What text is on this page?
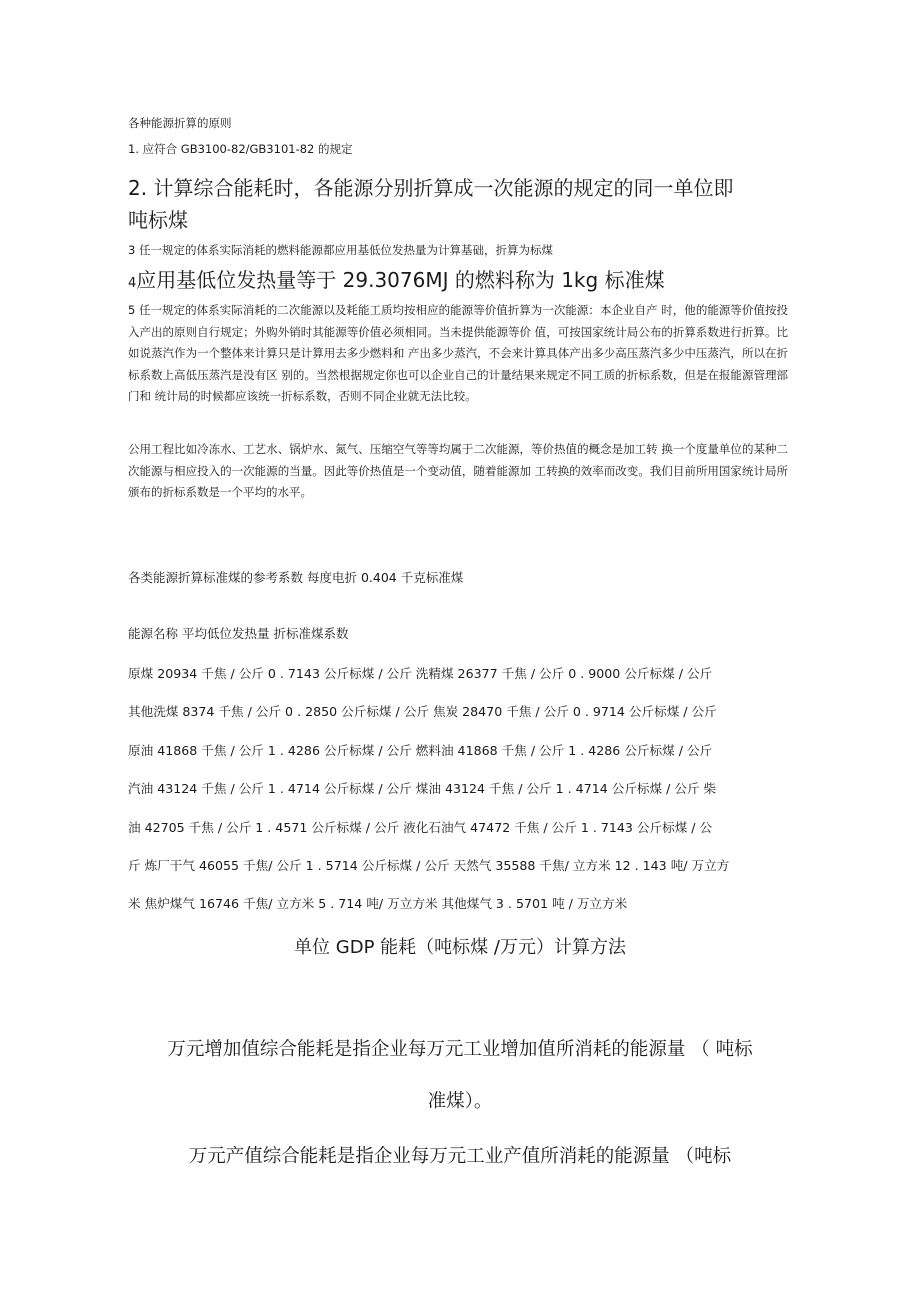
各种能源折算的原则

1. 应符合 GB3100-82/GB3101-82 的规定

2. 计算综合能耗时，各能源分别折算成一次能源的规定的同一单位即

吨标煤

3 任一规定的体系实际消耗的燃料能源都应用基低位发热量为计算基础，折算为标煤

4应用基低位发热量等于 29.3076MJ 的燃料称为 1kg 标准煤

5 任一规定的体系实际消耗的二次能源以及耗能工质均按相应的能源等价值折算为一次能源：本企业自产 时，他的能源等价值按投入产出的原则自行规定；外购外销时其能源等价值必须相同。当未提供能源等价 值，可按国家统计局公布的折算系数进行折算。比如说蒸汽作为一个整体来计算只是计算用去多少燃料和 产出多少蒸汽，不会来计算具体产出多少高压蒸汽多少中压蒸汽，所以在折标系数上高低压蒸汽是没有区 别的。当然根据规定你也可以企业自己的计量结果来规定不同工质的折标系数，但是在报能源管理部门和 统计局的时候都应该统一折标系数，否则不同企业就无法比较。

公用工程比如冷冻水、工艺水、锅炉水、氮气、压缩空气等等均属于二次能源，等价热值的概念是加工转 换一个度量单位的某种二次能源与相应投入的一次能源的当量。因此等价热值是一个变动值，随着能源加 工转换的效率而改变。我们目前所用国家统计局所颁布的折标系数是一个平均的水平。

各类能源折算标准煤的参考系数 每度电折 0.404 千克标准煤

能源名称 平均低位发热量 折标准煤系数

原煤 20934 千焦 / 公斤 0 . 7143 公斤标煤 / 公斤 洗精煤 26377 千焦 / 公斤 0 . 9000 公斤标煤 / 公斤

其他洗煤 8374 千焦 / 公斤 0 . 2850 公斤标煤 / 公斤 焦炭 28470 千焦 / 公斤 0 . 9714 公斤标煤 / 公斤

原油 41868 千焦 / 公斤 1 . 4286 公斤标煤 / 公斤 燃料油 41868 千焦 / 公斤 1 . 4286 公斤标煤 / 公斤

汽油 43124 千焦 / 公斤 1 . 4714 公斤标煤 / 公斤 煤油 43124 千焦 / 公斤 1 . 4714 公斤标煤 / 公斤 柴

油 42705 千焦 / 公斤 1 . 4571 公斤标煤 / 公斤 液化石油气 47472 千焦 / 公斤 1 . 7143 公斤标煤 / 公

斤 炼厂干气 46055 千焦/ 公斤 1 . 5714 公斤标煤 / 公斤 天然气 35588 千焦/ 立方米 12 . 143 吨/ 万立方

米 焦炉煤气 16746 千焦/ 立方米 5 . 714 吨/ 万立方米 其他煤气 3 . 5701 吨 / 万立方米

单位 GDP 能耗（吨标煤 /万元）计算方法

万元增加值综合能耗是指企业每万元工业增加值所消耗的能源量 （ 吨标

准煤）。

万元产值综合能耗是指企业每万元工业产值所消耗的能源量 （吨标
